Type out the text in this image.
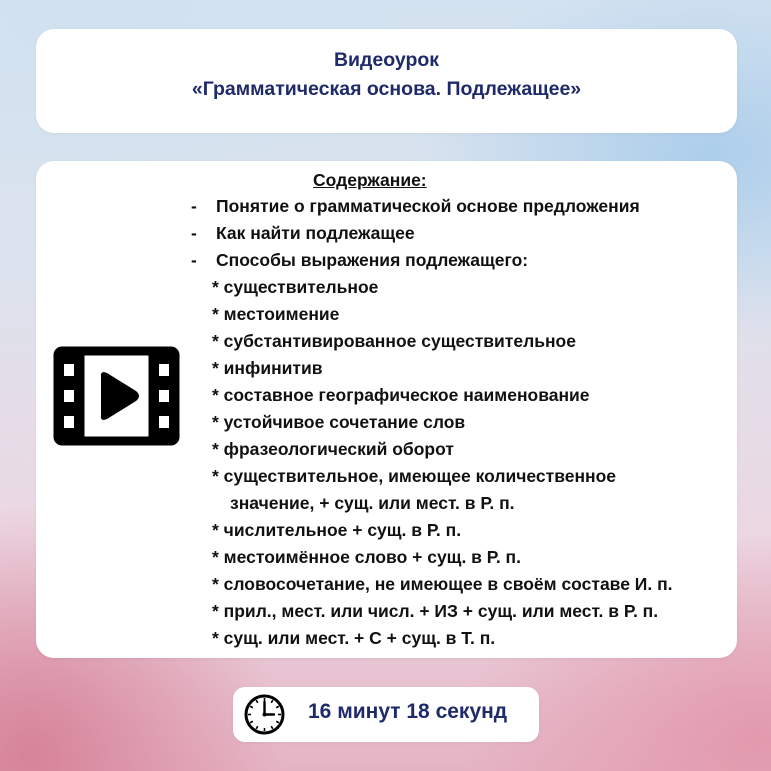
Видеоурок
«Грамматическая основа. Подлежащее»
Содержание:
- Понятие о грамматической основе предложения
- Как найти подлежащее
- Способы выражения подлежащего:
* существительное
* местоимение
* субстантивированное существительное
* инфинитив
* составное географическое наименование
* устойчивое сочетание слов
* фразеологический оборот
* существительное, имеющее количественное
значение, + сущ. или мест. в Р. п.
* числительное + сущ. в Р. п.
* местоимённое слово + сущ. в Р. п.
* словосочетание, не имеющее в своём составе И. п.
* прил., мест. или числ. + ИЗ + сущ. или мест. в Р. п.
* сущ. или мест. + С + сущ. в Т. п.
16 минут 18 секунд
